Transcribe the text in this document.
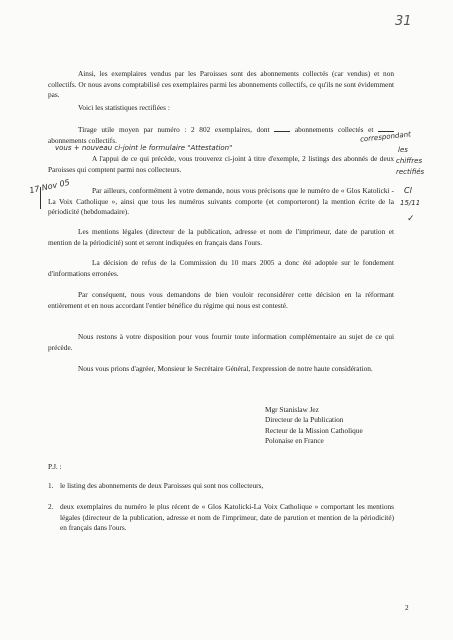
31

Ainsi, les exemplaires vendus par les Paroisses sont des abonnements collectés (car vendus) et non collectifs. Or nous avons comptabilisé ces exemplaires parmi les abonnements collectifs, ce qu'ils ne sont évidemment pas.

Voici les statistiques rectifiées :

Tirage utile moyen par numéro : 2 802 exemplaires, dont	abonnements collectés et  abonnements collectifs.

vous + nouveau ci-joint le formulaire "Attestation"

A l'appui de ce qui précède, vous trouverez ci-joint à titre d'exemple, 2 listings des abonnés de deux Paroisses qui comptent parmi nos collecteurs.

17 Nov 05	Par ailleurs, conformément à votre demande, nous vous précisons que le numéro de « Glos Katolicki - La Voix Catholique », ainsi que tous les numéros suivants comporte (et comporteront) la mention écrite de la périodicité (hebdomadaire).

Les mentions légales (directeur de la publication, adresse et nom de l'imprimeur, date de parution et mention de la périodicité) sont et seront indiquées en français dans l'ours.

La décision de refus de la Commission du 10 mars 2005 a donc été adoptée sur le fondement d'informations erronées.

Par conséquent, nous vous demandons de bien vouloir reconsidérer cette décision en la réformant entièrement et en nous accordant l'entier bénéfice du régime qui nous est contesté.

Nous restons à votre disposition pour vous fournir toute information complémentaire au sujet de ce qui précède.

Nous vous prions d'agréer, Monsieur le Secrétaire Général, l'expression de notre haute considération.

Mgr Stanislaw Jez
Directeur de la Publication
Recteur de la Mission Catholique
Polonaise en France
P.J. :
1. le listing des abonnements de deux Paroisses qui sont nos collecteurs,
2. deux exemplaires du numéro le plus récent de « Glos Katolicki-La Voix Catholique » comportant les mentions légales (directeur de la publication, adresse et nom de l'imprimeur, date de parution et mention de la périodicité) en français dans l'ours.
correspondant
les
chiffres
rectifiés
Cl
15/11
✓
2
